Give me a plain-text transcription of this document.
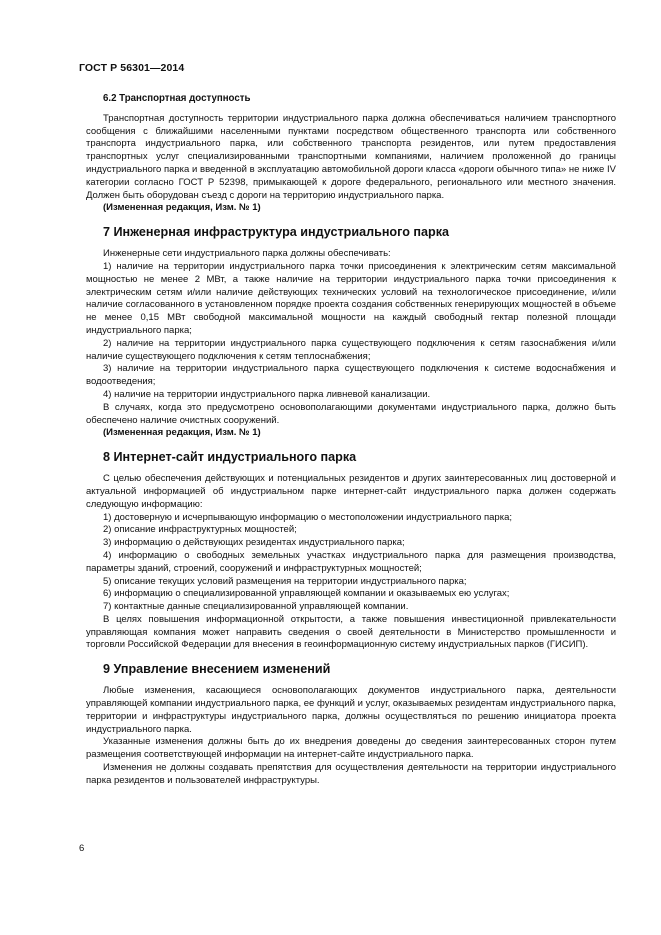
ГОСТ Р 56301—2014
6.2 Транспортная доступность

Транспортная доступность территории индустриального парка должна обеспечиваться наличием транспортного сообщения с ближайшими населенными пунктами посредством общественного транспорта или собственного транспорта индустриального парка, или собственного транспорта резидентов, или путем предоставления транспортных услуг специализированными транспортными компаниями, наличием проложенной до границы индустриального парка и введенной в эксплуатацию автомобильной дороги класса «дороги обычного типа» не ниже IV категории согласно ГОСТ Р 52398, примыкающей к дороге федерального, регионального или местного значения. Должен быть оборудован съезд с дороги на территорию индустриального парка.

(Измененная редакция, Изм. № 1)

7 Инженерная инфраструктура индустриального парка

Инженерные сети индустриального парка должны обеспечивать:

1) наличие на территории индустриального парка точки присоединения к электрическим сетям максимальной мощностью не менее 2 МВт, а также наличие на территории индустриального парка точки присоединения к электрическим сетям и/или наличие действующих технических условий на технологическое присоединение, и/или наличие согласованного в установленном порядке проекта создания собственных генерирующих мощностей в объеме не менее 0,15 МВт свободной максимальной мощности на каждый свободный гектар полезной площади индустриального парка;

2) наличие на территории индустриального парка существующего подключения к сетям газоснабжения и/или наличие существующего подключения к сетям теплоснабжения;

3) наличие на территории индустриального парка существующего подключения к системе водоснабжения и водоотведения;

4) наличие на территории индустриального парка ливневой канализации.

В случаях, когда это предусмотрено основополагающими документами индустриального парка, должно быть обеспечено наличие очистных сооружений.

(Измененная редакция, Изм. № 1)

8 Интернет-сайт индустриального парка

С целью обеспечения действующих и потенциальных резидентов и других заинтересованных лиц достоверной и актуальной информацией об индустриальном парке интернет-сайт индустриального парка должен содержать следующую информацию:

1) достоверную и исчерпывающую информацию о местоположении индустриального парка;

2) описание инфраструктурных мощностей;

3) информацию о действующих резидентах индустриального парка;

4) информацию о свободных земельных участках индустриального парка для размещения производства, параметры зданий, строений, сооружений и инфраструктурных мощностей;

5) описание текущих условий размещения на территории индустриального парка;

6) информацию о специализированной управляющей компании и оказываемых ею услугах;

7) контактные данные специализированной управляющей компании.

В целях повышения информационной открытости, а также повышения инвестиционной привлекательности управляющая компания может направить сведения о своей деятельности в Министерство промышленности и торговли Российской Федерации для внесения в геоинформационную систему индустриальных парков (ГИСИП).

9 Управление внесением изменений

Любые изменения, касающиеся основополагающих документов индустриального парка, деятельности управляющей компании индустриального парка, ее функций и услуг, оказываемых резидентам индустриального парка, территории и инфраструктуры индустриального парка, должны осуществляться по решению инициатора проекта индустриального парка.

Указанные изменения должны быть до их внедрения доведены до сведения заинтересованных сторон путем размещения соответствующей информации на интернет-сайте индустриального парка.

Изменения не должны создавать препятствия для осуществления деятельности на территории индустриального парка резидентов и пользователей инфраструктуры.

6
